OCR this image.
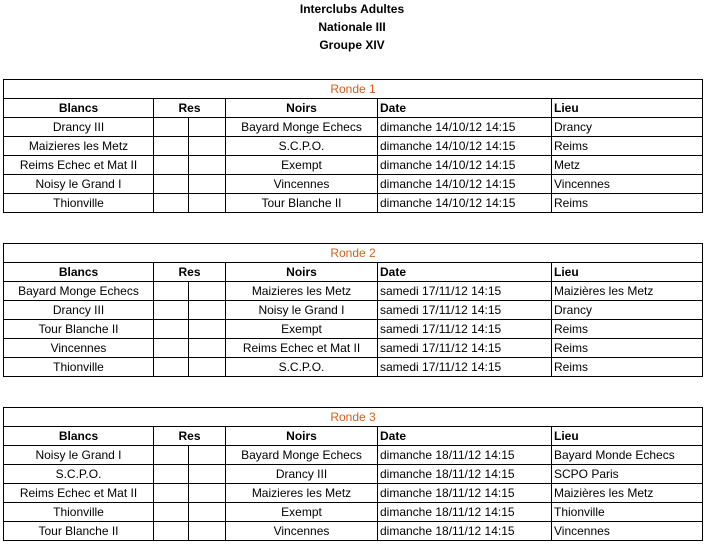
Interclubs Adultes
Nationale III
Groupe XIV
Ronde 1					
Blancs	Res		Noirs	Date	Lieu
Drancy III			Bayard Monge Echecs	dimanche 14/10/12 14:15	Drancy
Maizieres les Metz			S.C.P.O.	dimanche 14/10/12 14:15	Reims
Reims Echec et Mat II			Exempt	dimanche 14/10/12 14:15	Metz
Noisy le Grand I			Vincennes	dimanche 14/10/12 14:15	Vincennes
Thionville			Tour Blanche II	dimanche 14/10/12 14:15	Reims
Ronde 2					
Blancs	Res		Noirs	Date	Lieu
Bayard Monge Echecs			Maizieres les Metz	samedi 17/11/12 14:15	Maizières les Metz
Drancy III			Noisy le Grand I	samedi 17/11/12 14:15	Drancy
Tour Blanche II			Exempt	samedi 17/11/12 14:15	Reims
Vincennes			Reims Echec et Mat II	samedi 17/11/12 14:15	Reims
Thionville			S.C.P.O.	samedi 17/11/12 14:15	Reims
Ronde 3					
Blancs	Res		Noirs	Date	Lieu
Noisy le Grand I			Bayard Monge Echecs	dimanche 18/11/12 14:15	Bayard Monde Echecs
S.C.P.O.			Drancy III	dimanche 18/11/12 14:15	SCPO Paris
Reims Echec et Mat II			Maizieres les Metz	dimanche 18/11/12 14:15	Maizières les Metz
Thionville			Exempt	dimanche 18/11/12 14:15	Thionville
Tour Blanche II			Vincennes	dimanche 18/11/12 14:15	Vincennes
